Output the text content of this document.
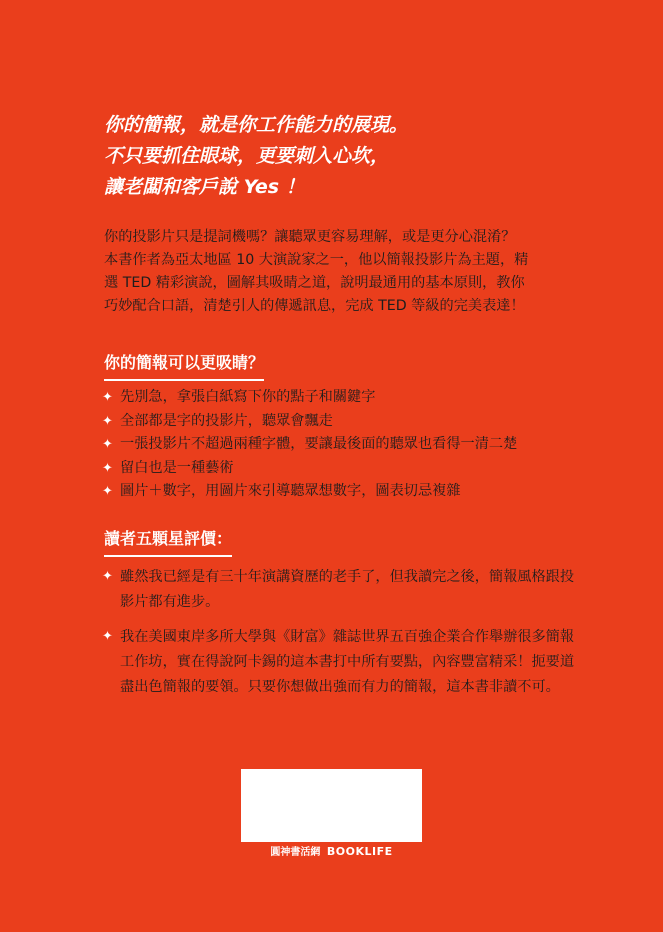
你的簡報，就是你工作能力的展現。
不只要抓住眼球，更要刺入心坎，
讓老闆和客戶說 Yes ！
你的投影片只是提詞機嗎？讓聽眾更容易理解，或是更分心混淆？
本書作者為亞太地區 10 大演說家之一，他以簡報投影片為主題，精
選 TED 精彩演說，圖解其吸睛之道，說明最通用的基本原則，教你
巧妙配合口語，清楚引人的傳遞訊息，完成 TED 等級的完美表達！
你的簡報可以更吸睛？
✦ 先別急，拿張白紙寫下你的點子和關鍵字
✦ 全部都是字的投影片，聽眾會飄走
✦ 一張投影片不超過兩種字體，要讓最後面的聽眾也看得一清二楚
✦ 留白也是一種藝術
✦ 圖片＋數字，用圖片來引導聽眾想數字，圖表切忌複雜
讀者五顆星評價：
✦ 雖然我已經是有三十年演講資歷的老手了，但我讀完之後，簡報風格跟投影片都有進步。
✦ 我在美國東岸多所大學與《財富》雜誌世界五百強企業合作舉辦很多簡報工作坊，實在得說阿卡錫的這本書打中所有要點，內容豐富精采！扼要道盡出色簡報的要領。只要你想做出強而有力的簡報，這本書非讀不可。
圓神書活網 BOOKLIFE
